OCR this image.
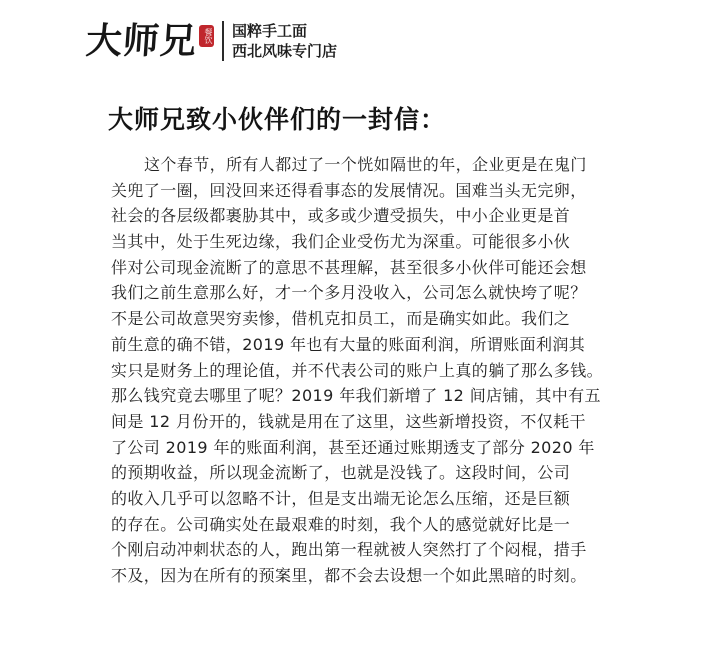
大师兄 餐饮 国粹手工面
西北风味专门店
大师兄致小伙伴们的一封信：
这个春节，所有人都过了一个恍如隔世的年，企业更是在鬼门
关兜了一圈，回没回来还得看事态的发展情况。国难当头无完卵，
社会的各层级都裹胁其中，或多或少遭受损失，中小企业更是首
当其中，处于生死边缘，我们企业受伤尤为深重。可能很多小伙
伴对公司现金流断了的意思不甚理解，甚至很多小伙伴可能还会想
我们之前生意那么好，才一个多月没收入，公司怎么就快垮了呢？
不是公司故意哭穷卖惨，借机克扣员工，而是确实如此。我们之
前生意的确不错，2019 年也有大量的账面利润，所谓账面利润其
实只是财务上的理论值，并不代表公司的账户上真的躺了那么多钱。
那么钱究竟去哪里了呢？2019 年我们新增了 12 间店铺，其中有五
间是 12 月份开的，钱就是用在了这里，这些新增投资，不仅耗干
了公司 2019 年的账面利润，甚至还通过账期透支了部分 2020 年
的预期收益，所以现金流断了，也就是没钱了。这段时间，公司
的收入几乎可以忽略不计，但是支出端无论怎么压缩，还是巨额
的存在。公司确实处在最艰难的时刻，我个人的感觉就好比是一
个刚启动冲刺状态的人，跑出第一程就被人突然打了个闷棍，措手
不及，因为在所有的预案里，都不会去设想一个如此黑暗的时刻。
